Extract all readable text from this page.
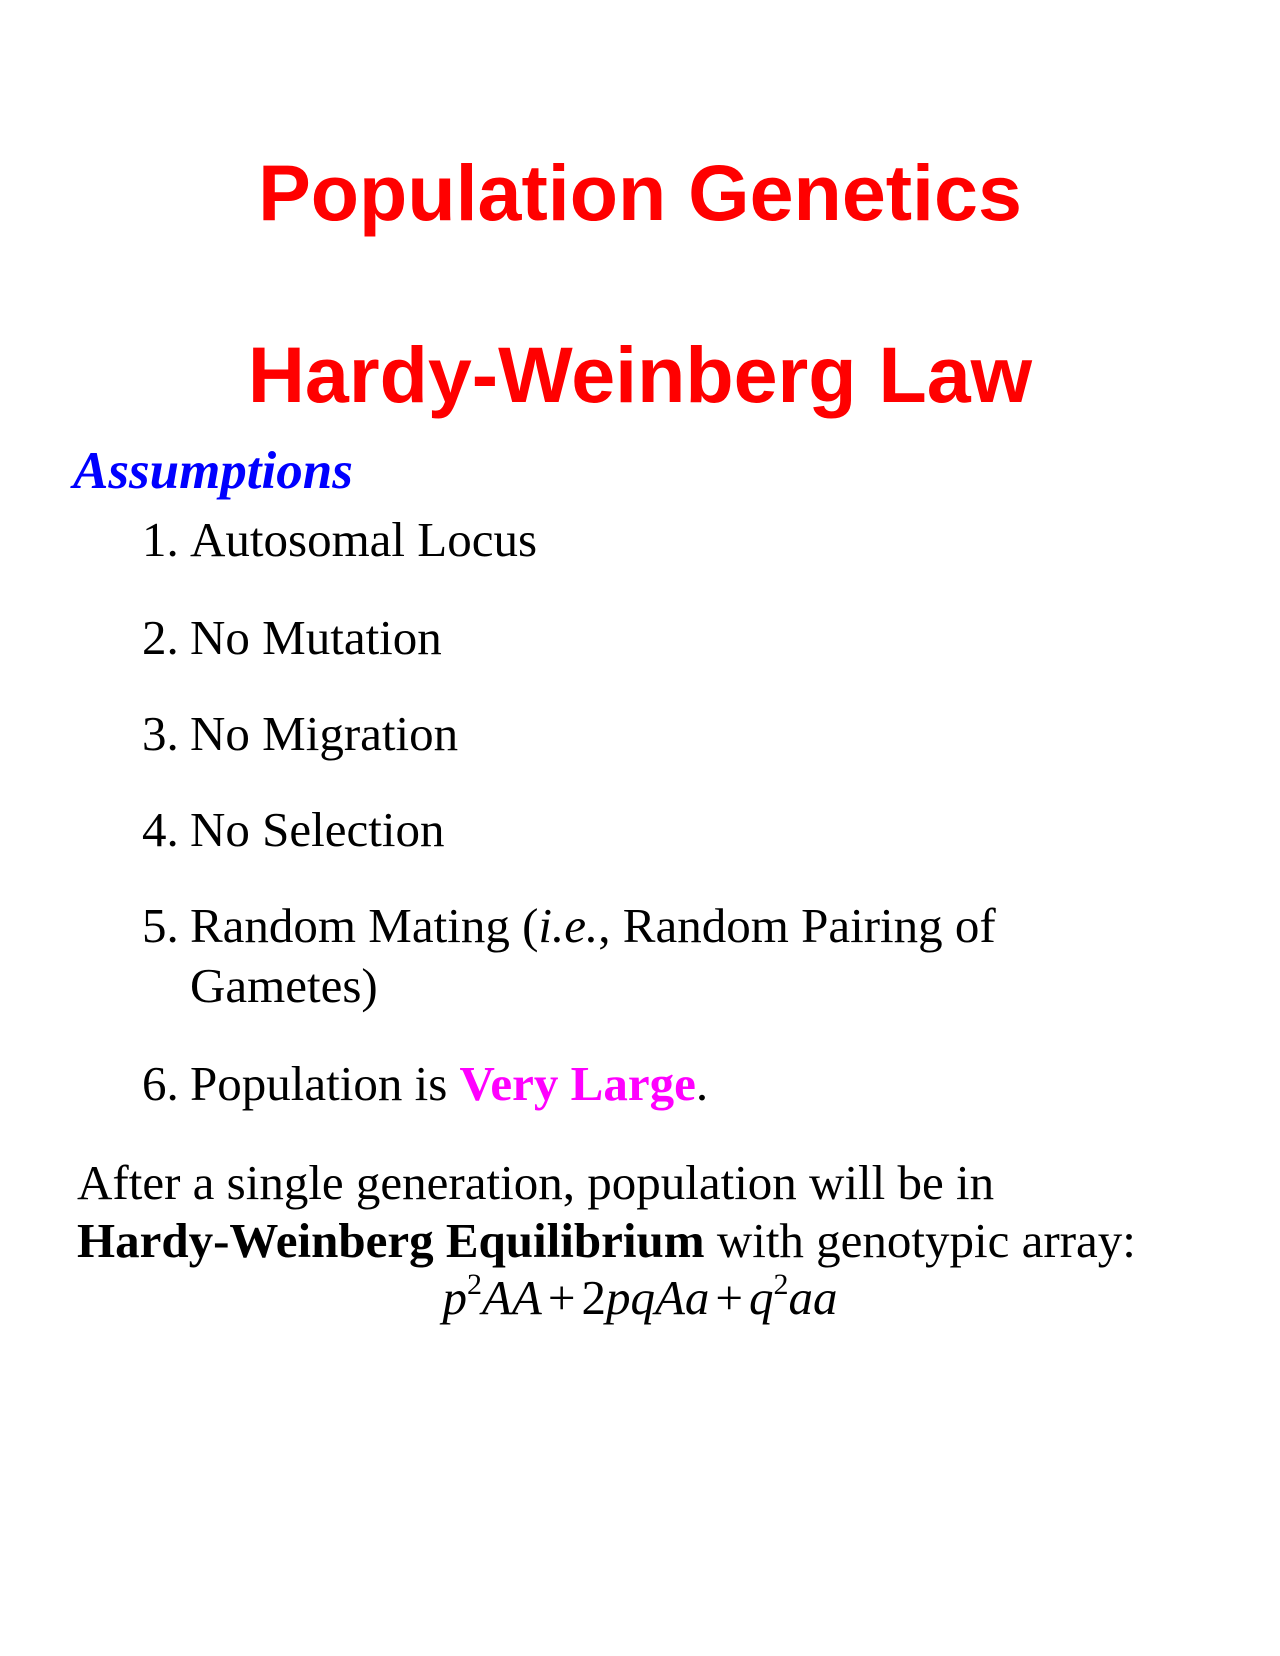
Population Genetics
Hardy-Weinberg Law
Assumptions
1. Autosomal Locus
2. No Mutation
3. No Migration
4. No Selection
5. Random Mating (i.e., Random Pairing of
Gametes)
6. Population is Very Large.
After a single generation, population will be in
Hardy-Weinberg Equilibrium with genotypic array:
$p^2AA$ + 2pqAa + $q^2aa$
